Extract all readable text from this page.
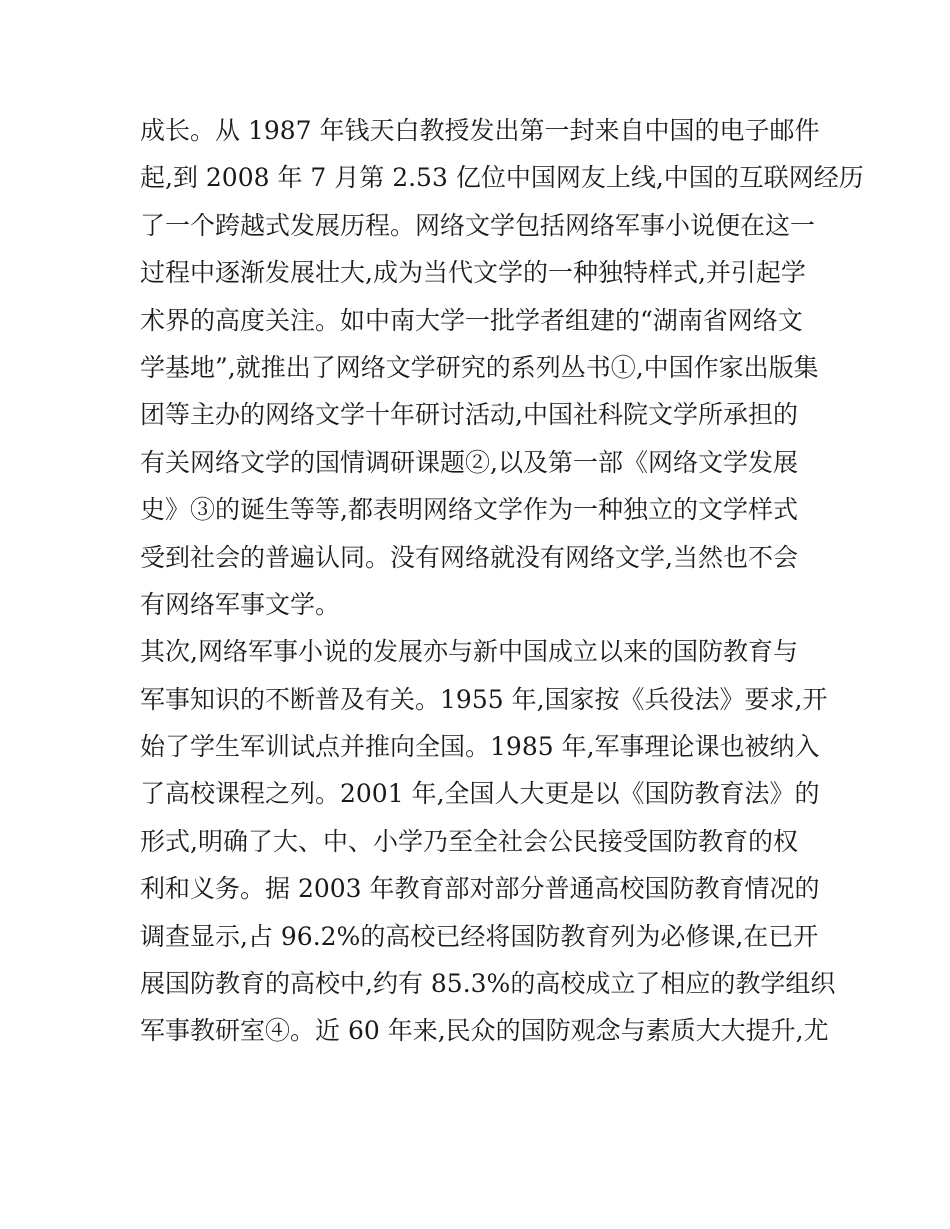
成长。从 1987 年钱天白教授发出第一封来自中国的电子邮件
起,到 2008 年 7 月第 2.53 亿位中国网友上线,中国的互联网经历
了一个跨越式发展历程。网络文学包括网络军事小说便在这一
过程中逐渐发展壮大,成为当代文学的一种独特样式,并引起学
术界的高度关注。如中南大学一批学者组建的“湖南省网络文
学基地”,就推出了网络文学研究的系列丛书①,中国作家出版集
团等主办的网络文学十年研讨活动,中国社科院文学所承担的
有关网络文学的国情调研课题②,以及第一部《网络文学发展
史》③的诞生等等,都表明网络文学作为一种独立的文学样式
受到社会的普遍认同。没有网络就没有网络文学,当然也不会
有网络军事文学。
其次,网络军事小说的发展亦与新中国成立以来的国防教育与
军事知识的不断普及有关。1955 年,国家按《兵役法》要求,开
始了学生军训试点并推向全国。1985 年,军事理论课也被纳入
了高校课程之列。2001 年,全国人大更是以《国防教育法》的
形式,明确了大、中、小学乃至全社会公民接受国防教育的权
利和义务。据 2003 年教育部对部分普通高校国防教育情况的
调查显示,占 96.2%的高校已经将国防教育列为必修课,在已开
展国防教育的高校中,约有 85.3%的高校成立了相应的教学组织
军事教研室④。近 60 年来,民众的国防观念与素质大大提升,尤
